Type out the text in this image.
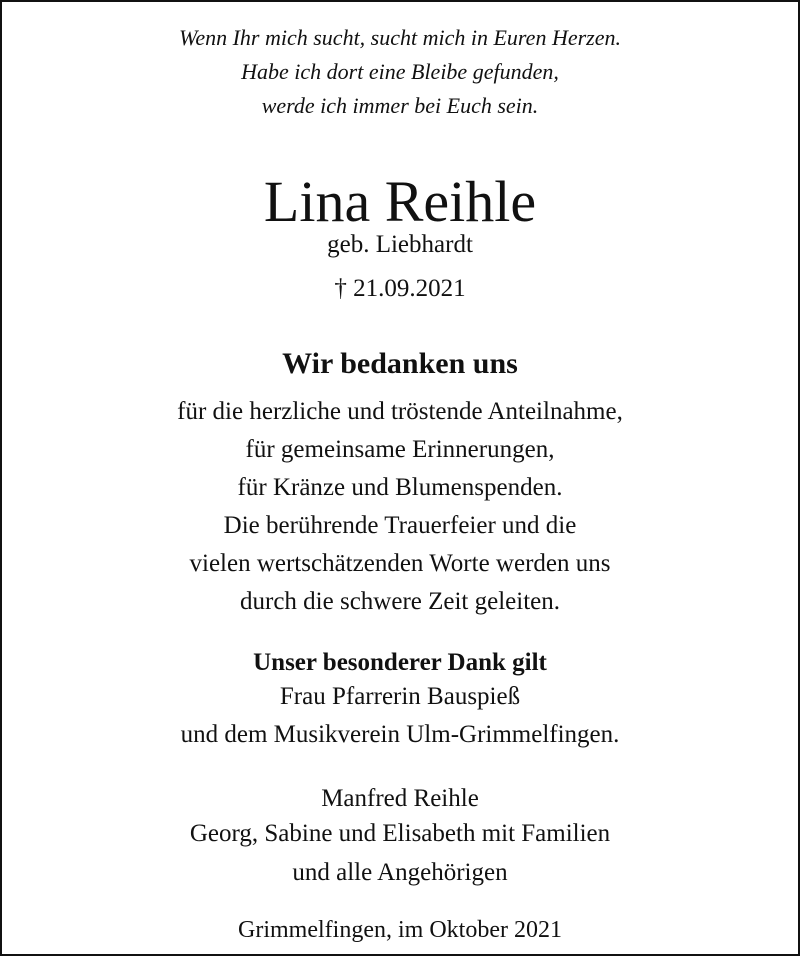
Wenn Ihr mich sucht, sucht mich in Euren Herzen.
Habe ich dort eine Bleibe gefunden,
werde ich immer bei Euch sein.
Lina Reihle
geb. Liebhardt
† 21.09.2021
Wir bedanken uns
für die herzliche und tröstende Anteilnahme,
für gemeinsame Erinnerungen,
für Kränze und Blumenspenden.
Die berührende Trauerfeier und die
vielen wertschätzenden Worte werden uns
durch die schwere Zeit geleiten.
Unser besonderer Dank gilt
Frau Pfarrerin Bauspieß
und dem Musikverein Ulm-Grimmelfingen.
Manfred Reihle
Georg, Sabine und Elisabeth mit Familien
und alle Angehörigen
Grimmelfingen, im Oktober 2021
